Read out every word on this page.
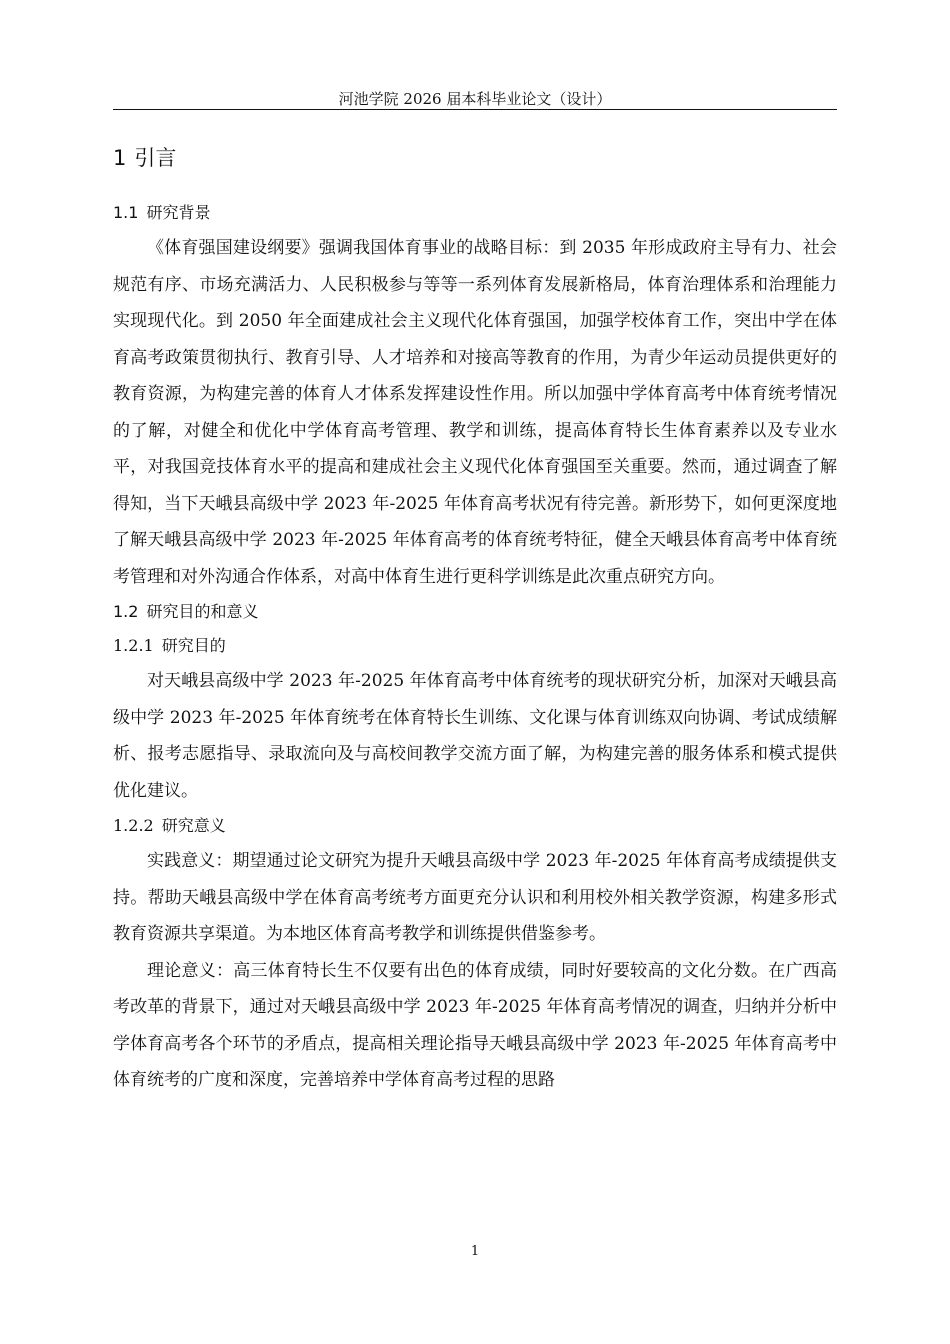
河池学院 2026 届本科毕业论文（设计）
1 引言
1.1 研究背景

《体育强国建设纲要》强调我国体育事业的战略目标：到 2035 年形成政府主导有力、社会规范有序、市场充满活力、人民积极参与等等一系列体育发展新格局，体育治理体系和治理能力实现现代化。到 2050 年全面建成社会主义现代化体育强国，加强学校体育工作，突出中学在体育高考政策贯彻执行、教育引导、人才培养和对接高等教育的作用，为青少年运动员提供更好的教育资源，为构建完善的体育人才体系发挥建设性作用。所以加强中学体育高考中体育统考情况的了解，对健全和优化中学体育高考管理、教学和训练，提高体育特长生体育素养以及专业水平，对我国竞技体育水平的提高和建成社会主义现代化体育强国至关重要。然而，通过调查了解得知，当下天峨县高级中学 2023 年-2025 年体育高考状况有待完善。新形势下，如何更深度地了解天峨县高级中学 2023 年-2025 年体育高考的体育统考特征，健全天峨县体育高考中体育统考管理和对外沟通合作体系，对高中体育生进行更科学训练是此次重点研究方向。

1.2 研究目的和意义
1.2.1 研究目的

对天峨县高级中学 2023 年-2025 年体育高考中体育统考的现状研究分析，加深对天峨县高级中学 2023 年-2025 年体育统考在体育特长生训练、文化课与体育训练双向协调、考试成绩解析、报考志愿指导、录取流向及与高校间教学交流方面了解，为构建完善的服务体系和模式提供优化建议。

1.2.2 研究意义

实践意义：期望通过论文研究为提升天峨县高级中学 2023 年-2025 年体育高考成绩提供支持。帮助天峨县高级中学在体育高考统考方面更充分认识和利用校外相关教学资源，构建多形式教育资源共享渠道。为本地区体育高考教学和训练提供借鉴参考。

理论意义：高三体育特长生不仅要有出色的体育成绩，同时好要较高的文化分数。在广西高考改革的背景下，通过对天峨县高级中学 2023 年-2025 年体育高考情况的调查，归纳并分析中学体育高考各个环节的矛盾点，提高相关理论指导天峨县高级中学 2023 年-2025 年体育高考中体育统考的广度和深度，完善培养中学体育高考过程的思路

1
